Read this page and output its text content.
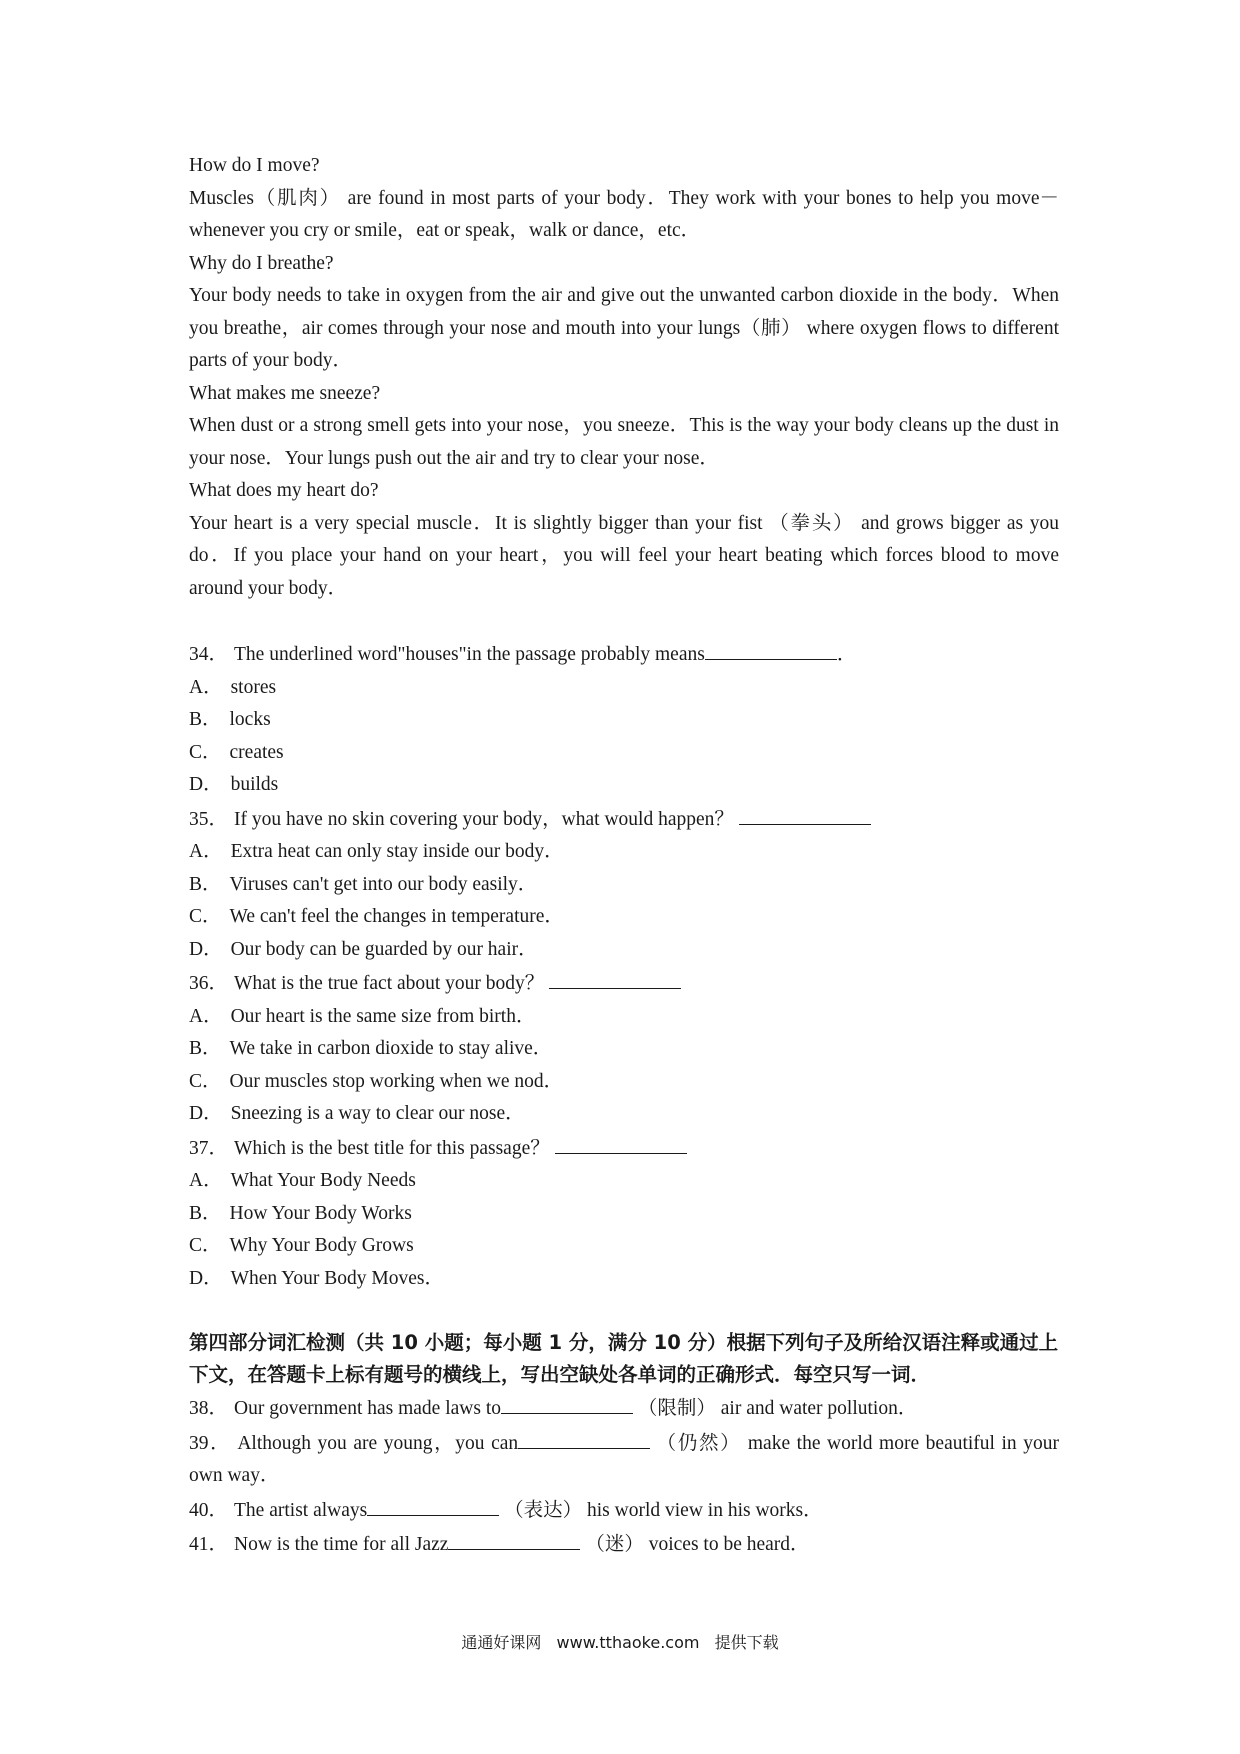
How do I move?
Muscles（肌肉） are found in most parts of your body．They work with your bones to help you move－whenever you cry or smile，eat or speak，walk or dance，etc．
Why do I breathe?
Your body needs to take in oxygen from the air and give out the unwanted carbon dioxide in the body．When you breathe，air comes through your nose and mouth into your lungs（肺） where oxygen flows to different parts of your body．
What makes me sneeze?
When dust or a strong smell gets into your nose，you sneeze．This is the way your body cleans up the dust in your nose．Your lungs push out the air and try to clear your nose．
What does my heart do?
Your heart is a very special muscle．It is slightly bigger than your fist （拳头） and grows bigger as you do．If you place your hand on your heart，you will feel your heart beating which forces blood to move around your body．
34． The underlined word"houses"in the passage probably means	．
A． stores
B． locks
C． creates
D． builds
35． If you have no skin covering your body，what would happen？
A． Extra heat can only stay inside our body．
B． Viruses can't get into our body easily．
C． We can't feel the changes in temperature．
D． Our body can be guarded by our hair．
36． What is the true fact about your body？
A． Our heart is the same size from birth．
B． We take in carbon dioxide to stay alive．
C． Our muscles stop working when we nod．
D． Sneezing is a way to clear our nose．
37． Which is the best title for this passage？
A． What Your Body Needs
B． How Your Body Works
C． Why Your Body Grows
D． When Your Body Moves．
第四部分词汇检测（共 10 小题；每小题 1 分，满分 10 分）根据下列句子及所给汉语注释或通过上下文，在答题卡上标有题号的横线上，写出空缺处各单词的正确形式．每空只写一词．
38． Our government has made laws to	（限制） air and water pollution．
39． Although you are young，you can	（仍然） make the world more beautiful in your own way．
40． The artist always	（表达） his world view in his works．
41． Now is the time for all Jazz	（迷） voices to be heard．
通通好课网 www.tthaoke.com 提供下载
